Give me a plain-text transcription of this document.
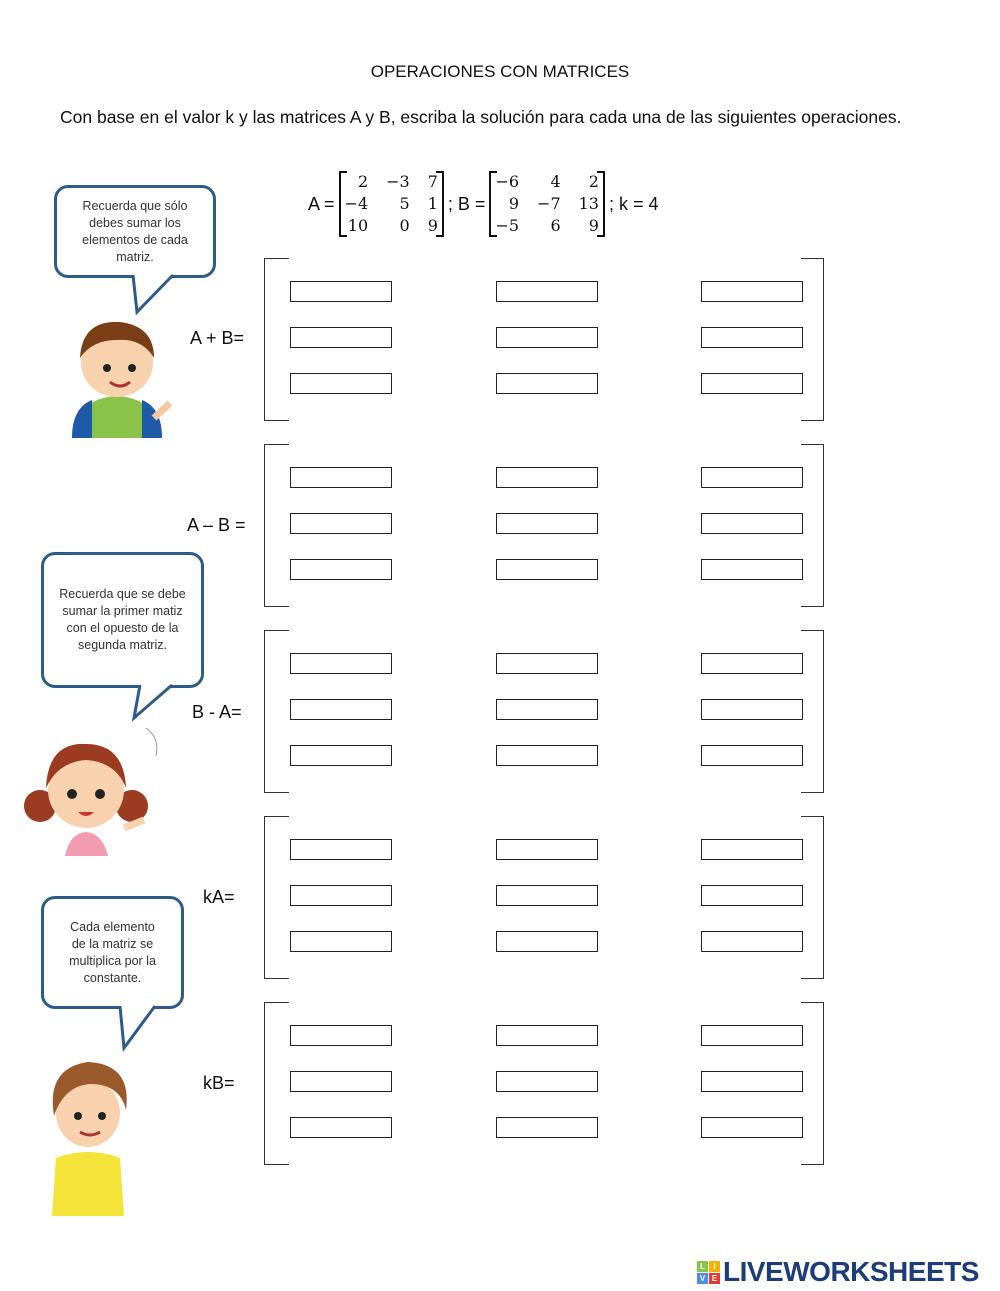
OPERACIONES CON MATRICES
Con base en el valor k y las matrices A y B, escriba la solución para cada una de las siguientes operaciones.
A =
2 −3 7
−4	5 1
10	0 9
; B =
−6	4	2
9 −7 13
−5	6	9
; k = 4
Recuerda que sólo debes sumar los elementos de cada matriz.
Recuerda que se debe sumar la primer matiz con el opuesto de la segunda matriz.
Cada elemento de la matriz se multiplica por la constante.
L	I
V E LIVEWORKSHEETS
A + B=
A – B =
B - A=
kA=
kB=
